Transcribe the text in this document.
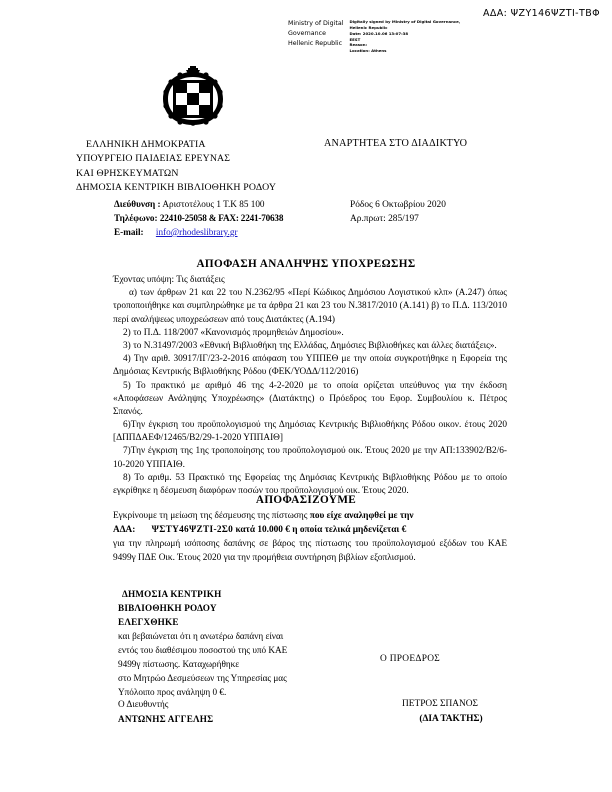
ΑΔΑ: ΨΖΥ146ΨΖΤΙ-ΤΒΦ
Ministry of Digital
Governance
Hellenic Republic
Digitally signed by Ministry of Digital Governance,
Hellenic Republic
Date: 2020.10.06 13:07:38
EEST
Reason:
Location: Athens
ΕΛΛΗΝΙΚΗ ΔΗΜΟΚΡΑΤΙΑ
ΥΠΟΥΡΓΕΙΟ ΠΑΙΔΕΙΑΣ ΕΡΕΥΝΑΣ
ΚΑΙ ΘΡΗΣΚΕΥΜΑΤΩΝ
ΔΗΜΟΣΙΑ ΚΕΝΤΡΙΚΗ ΒΙΒΛΙΟΘΗΚΗ ΡΟΔΟΥ
ΑΝΑΡΤΗΤΕΑ ΣΤΟ ΔΙΑΔΙΚΤΥΟ
Διεύθυνση : Αριστοτέλους 1 Τ.Κ 85 100
Τηλέφωνο: 22410-25058 & FAX: 2241-70638
E-mail: info@rhodeslibrary.gr
Ρόδος 6 Οκτωβρίου 2020
Αρ.πρωτ: 285/197
ΑΠΟΦΑΣΗ ΑΝΑΛΗΨΗΣ ΥΠΟΧΡΕΩΣΗΣ

Έχοντας υπόψη: Τις διατάξεις

α) των άρθρων 21 και 22 του Ν.2362/95 «Περί Κώδικος Δημόσιου Λογιστικού κλπ» (Α.247) όπως τροποποιήθηκε και συμπληρώθηκε με τα άρθρα 21 και 23 του Ν.3817/2010 (Α.141) β) το Π.Δ. 113/2010 περί αναλήψεως υποχρεώσεων από τους Διατάκτες (Α.194)

2) το Π.Δ. 118/2007 «Κανονισμός προμηθειών Δημοσίου».

3) το Ν.31497/2003 «Εθνική Βιβλιοθήκη της Ελλάδας, Δημόσιες Βιβλιοθήκες και άλλες διατάξεις».

4) Την αριθ. 30917/ΙΓ/23-2-2016 απόφαση του ΥΠΠΕΘ με την οποία συγκροτήθηκε η Εφορεία της Δημόσιας Κεντρικής Βιβλιοθήκης Ρόδου (ΦΕΚ/ΥΟΔΔ/112/2016)

5) Το πρακτικό με αριθμό 46 της 4-2-2020 με το οποία ορίζεται υπεύθυνος για την έκδοση «Αποφάσεων Ανάληψης Υποχρέωσης» (Διατάκτης) ο Πρόεδρος του Εφορ. Συμβουλίου κ. Πέτρος Σπανός.

6)Την έγκριση του προϋπολογισμού της Δημόσιας Κεντρικής Βιβλιοθήκης Ρόδου οικον. έτους 2020 [ΔΠΠΔΑΕΦ/12465/Β2/29-1-2020 ΥΠΠΑΙΘ]

7)Την έγκριση της 1ης τροποποίησης του προϋπολογισμού οικ. Έτους 2020 με την ΑΠ:133902/Β2/6-10-2020 ΥΠΠΑΙΘ.

8) Το αριθμ. 53 Πρακτικό της Εφορείας της Δημόσιας Κεντρικής Βιβλιοθήκης Ρόδου με το οποίο εγκρίθηκε η δέσμευση διαφόρων ποσών του προϋπολογισμού οικ. Έτους 2020.

ΑΠΟΦΑΣΙΖΟΥΜΕ

Εγκρίνουμε τη μείωση της δέσμευσης της πίστωσης που είχε αναληφθεί με την

ΑΔΑ: ΨΣΤΥ46ΨΖΤΙ-2Σ0 κατά 10.000 € η οποία τελικά μηδενίζεται €

για την πληρωμή ισόποσης δαπάνης σε βάρος της πίστωσης του προϋπολογισμού εξόδων του ΚΑΕ 9499γ ΠΔΕ Οικ. Έτους 2020 για την προμήθεια συντήρηση βιβλίων εξοπλισμού.

ΔΗΜΟΣΙΑ ΚΕΝΤΡΙΚΗ
ΒΙΒΛΙΟΘΗΚΗ ΡΟΔΟΥ
ΕΛΕΓΧΘΗΚΕ
και βεβαιώνεται ότι η ανωτέρω δαπάνη είναι
εντός του διαθέσιμου ποσοστού της υπό ΚΑΕ
9499γ πίστωσης. Καταχωρήθηκε
στο Μητρώο Δεσμεύσεων της Υπηρεσίας μας
Υπόλοιπο προς ανάληψη 0 €.
Ο ΠΡΟΕΔΡΟΣ
Ο Διευθυντής
ΑΝΤΩΝΗΣ ΑΓΓΕΛΗΣ
ΠΕΤΡΟΣ ΣΠΑΝΟΣ
(ΔΙΑ ΤΑΚΤΗΣ)
